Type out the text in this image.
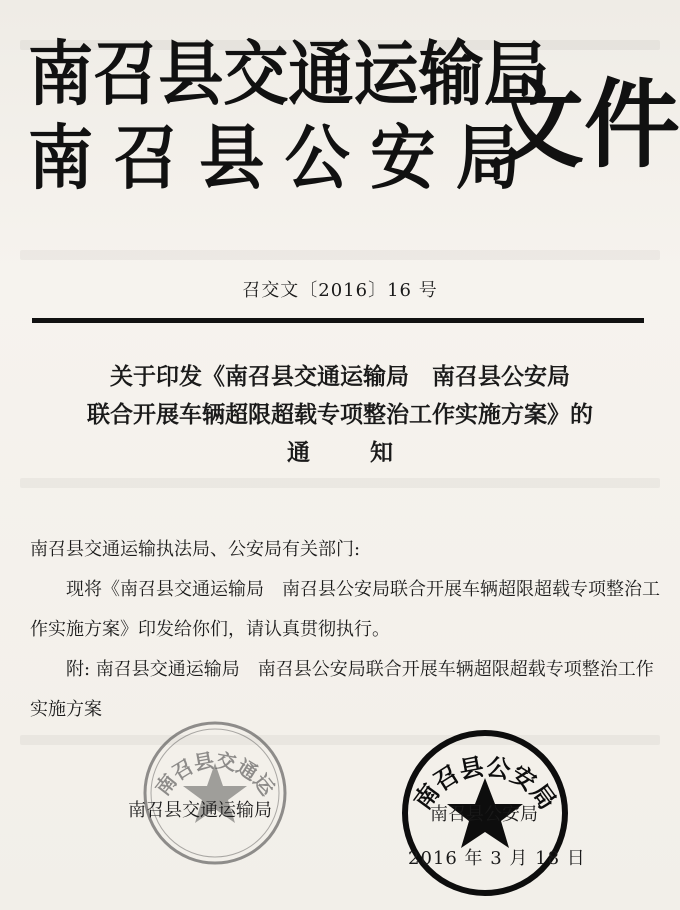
南召县交通运输局
南召县公安局
文件
召交文〔2016〕16 号
关于印发《南召县交通运输局　南召县公安局
联合开展车辆超限超载专项整治工作实施方案》的
通知

南召县交通运输执法局、公安局有关部门:

现将《南召县交通运输局　南召县公安局联合开展车辆超限超载专项整治工作实施方案》印发给你们，请认真贯彻执行。

附: 南召县交通运输局　南召县公安局联合开展车辆超限超载专项整治工作实施方案

南召县交通运	南召县公安局
南召县交通运输局	南召县公安局
2016 年 3 月 18 日
